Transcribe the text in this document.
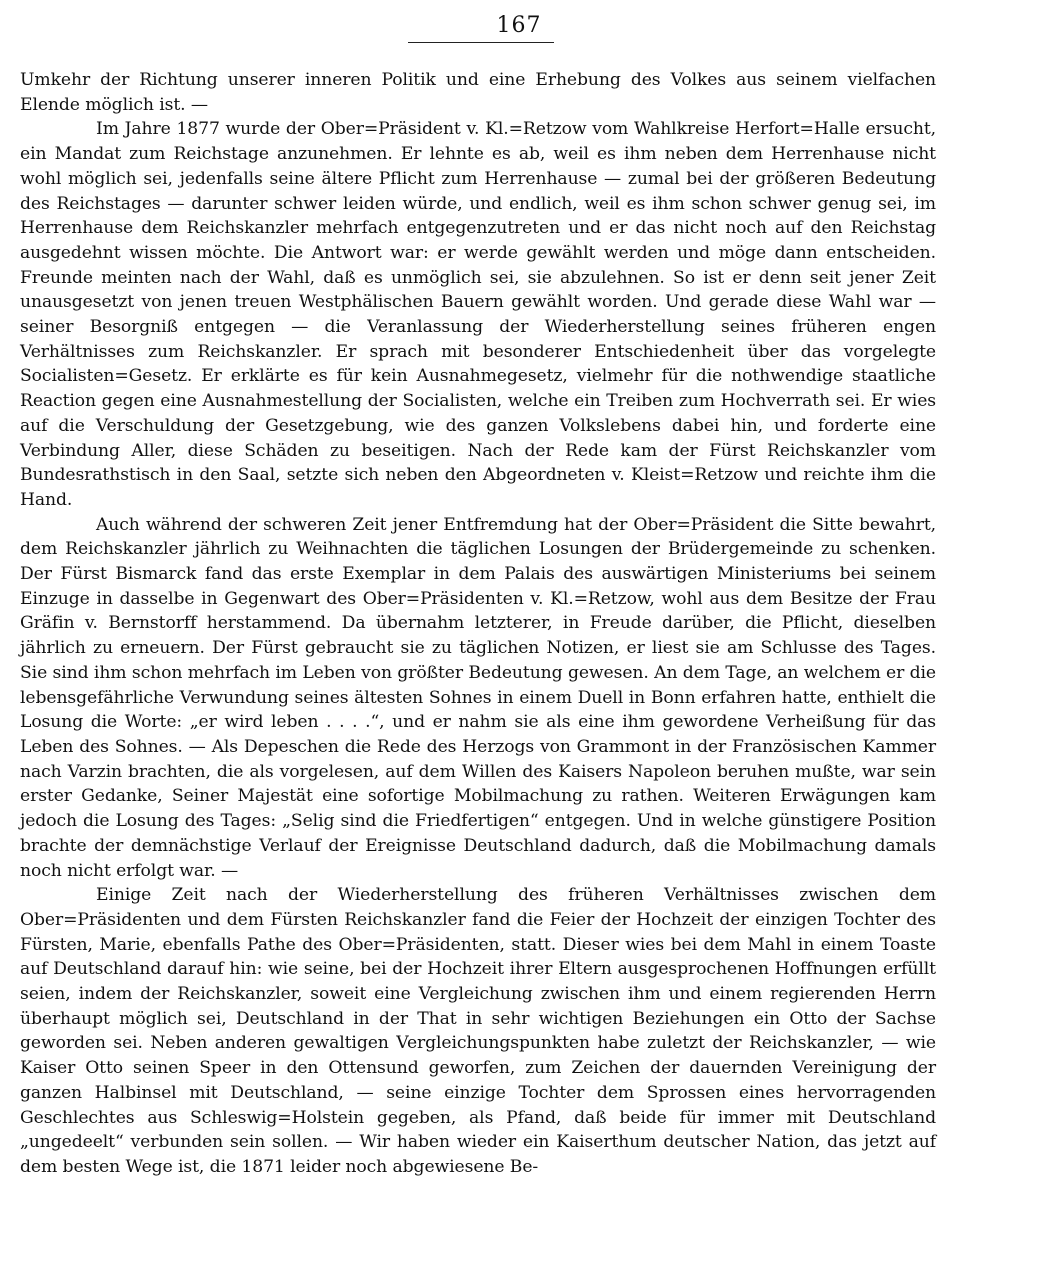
167

Umkehr der Richtung unserer inneren Politik und eine Erhebung des Volkes aus seinem vielfachen Elende möglich ist. —

Im Jahre 1877 wurde der Ober=Präsident v. Kl.=Retzow vom Wahlkreise Herfort=Halle ersucht, ein Mandat zum Reichstage anzunehmen. Er lehnte es ab, weil es ihm neben dem Herrenhause nicht wohl möglich sei, jedenfalls seine ältere Pflicht zum Herrenhause — zumal bei der größeren Bedeutung des Reichstages — darunter schwer leiden würde, und endlich, weil es ihm schon schwer genug sei, im Herrenhause dem Reichskanzler mehrfach entgegenzutreten und er das nicht noch auf den Reichstag ausgedehnt wissen möchte. Die Antwort war: er werde gewählt werden und möge dann entscheiden. Freunde meinten nach der Wahl, daß es unmöglich sei, sie abzulehnen. So ist er denn seit jener Zeit unausgesetzt von jenen treuen Westphälischen Bauern gewählt worden. Und gerade diese Wahl war — seiner Besorgniß entgegen — die Veranlassung der Wiederherstellung seines früheren engen Verhältnisses zum Reichskanzler. Er sprach mit besonderer Entschiedenheit über das vorgelegte Socialisten=Gesetz. Er erklärte es für kein Ausnahmegesetz, vielmehr für die nothwendige staatliche Reaction gegen eine Ausnahmestellung der Socialisten, welche ein Treiben zum Hochverrath sei. Er wies auf die Verschuldung der Gesetzgebung, wie des ganzen Volkslebens dabei hin, und forderte eine Verbindung Aller, diese Schäden zu beseitigen. Nach der Rede kam der Fürst Reichskanzler vom Bundesrathstisch in den Saal, setzte sich neben den Abgeordneten v. Kleist=Retzow und reichte ihm die Hand.

Auch während der schweren Zeit jener Entfremdung hat der Ober=Präsident die Sitte bewahrt, dem Reichskanzler jährlich zu Weihnachten die täglichen Losungen der Brüdergemeinde zu schenken. Der Fürst Bismarck fand das erste Exemplar in dem Palais des auswärtigen Ministeriums bei seinem Einzuge in dasselbe in Gegenwart des Ober=Präsidenten v. Kl.=Retzow, wohl aus dem Besitze der Frau Gräfin v. Bernstorff herstammend. Da übernahm letzterer, in Freude darüber, die Pflicht, dieselben jährlich zu erneuern. Der Fürst gebraucht sie zu täglichen Notizen, er liest sie am Schlusse des Tages. Sie sind ihm schon mehrfach im Leben von größter Bedeutung gewesen. An dem Tage, an welchem er die lebensgefährliche Verwundung seines ältesten Sohnes in einem Duell in Bonn erfahren hatte, enthielt die Losung die Worte: „er wird leben . . . .“, und er nahm sie als eine ihm gewordene Verheißung für das Leben des Sohnes. — Als Depeschen die Rede des Herzogs von Grammont in der Französischen Kammer nach Varzin brachten, die als vorgelesen, auf dem Willen des Kaisers Napoleon beruhen mußte, war sein erster Gedanke, Seiner Majestät eine sofortige Mobilmachung zu rathen. Weiteren Erwägungen kam jedoch die Losung des Tages: „Selig sind die Friedfertigen“ entgegen. Und in welche günstigere Position brachte der demnächstige Verlauf der Ereignisse Deutschland dadurch, daß die Mobilmachung damals noch nicht erfolgt war. —

Einige Zeit nach der Wiederherstellung des früheren Verhältnisses zwischen dem Ober=Präsidenten und dem Fürsten Reichskanzler fand die Feier der Hochzeit der einzigen Tochter des Fürsten, Marie, ebenfalls Pathe des Ober=Präsidenten, statt. Dieser wies bei dem Mahl in einem Toaste auf Deutschland darauf hin: wie seine, bei der Hochzeit ihrer Eltern ausgesprochenen Hoffnungen erfüllt seien, indem der Reichskanzler, soweit eine Vergleichung zwischen ihm und einem regierenden Herrn überhaupt möglich sei, Deutschland in der That in sehr wichtigen Beziehungen ein Otto der Sachse geworden sei. Neben anderen gewaltigen Vergleichungspunkten habe zuletzt der Reichskanzler, — wie Kaiser Otto seinen Speer in den Ottensund geworfen, zum Zeichen der dauernden Vereinigung der ganzen Halbinsel mit Deutschland, — seine einzige Tochter dem Sprossen eines hervorragenden Geschlechtes aus Schleswig=Holstein gegeben, als Pfand, daß beide für immer mit Deutschland „ungedeelt“ verbunden sein sollen. — Wir haben wieder ein Kaiserthum deutscher Nation, das jetzt auf dem besten Wege ist, die 1871 leider noch abgewiesene Be-
